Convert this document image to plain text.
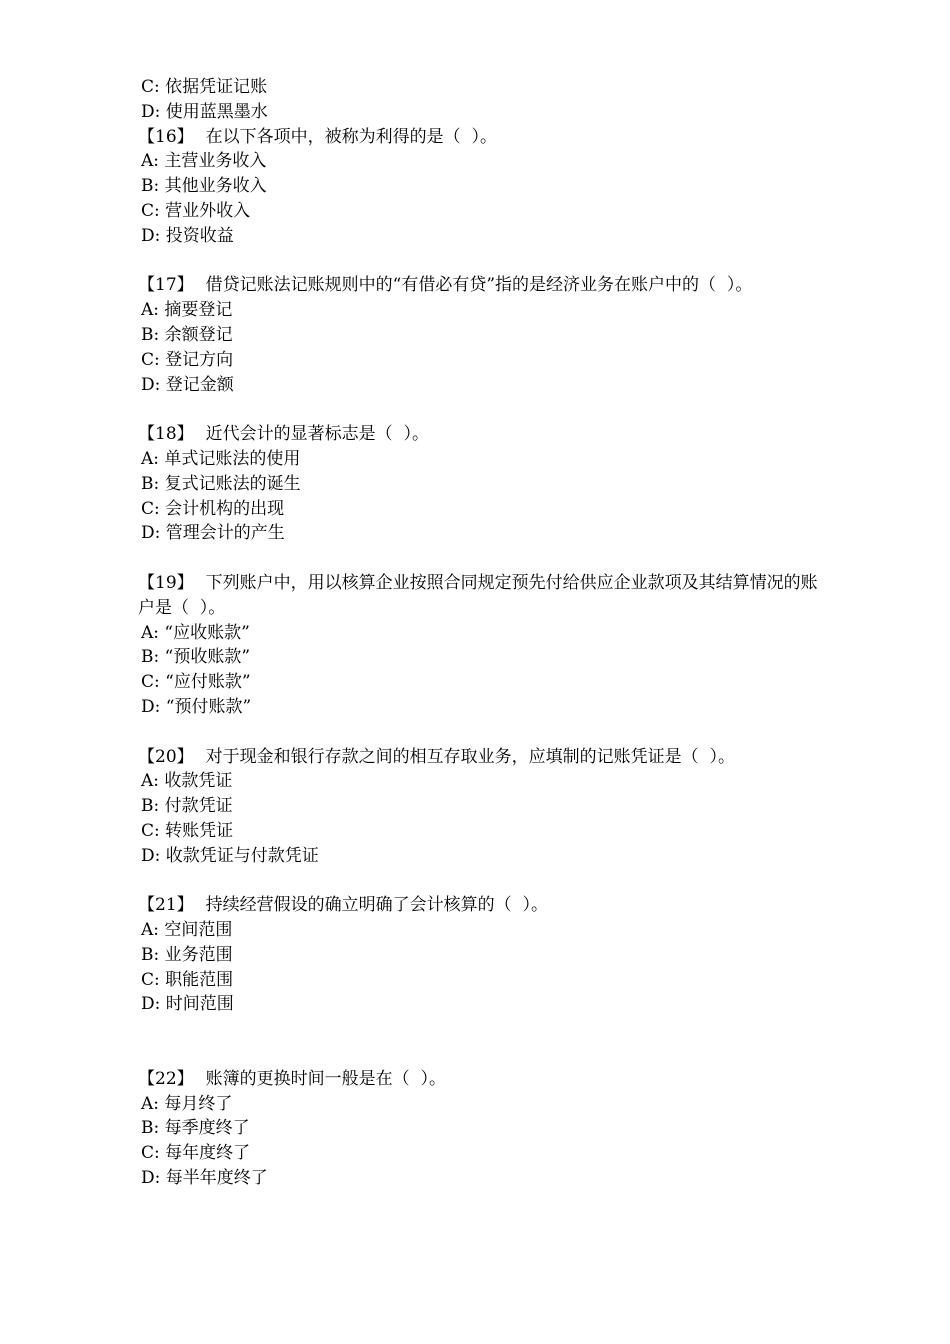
C: 依据凭证记账
D: 使用蓝黑墨水
【16】 在以下各项中，被称为利得的是（  ）。
A: 主营业务收入
B: 其他业务收入
C: 营业外收入
D: 投资收益
【17】 借贷记账法记账规则中的“有借必有贷”指的是经济业务在账户中的（  ）。
A: 摘要登记
B: 余额登记
C: 登记方向
D: 登记金额
【18】 近代会计的显著标志是（  ）。
A: 单式记账法的使用
B: 复式记账法的诞生
C: 会计机构的出现
D: 管理会计的产生
【19】 下列账户中，用以核算企业按照合同规定预先付给供应企业款项及其结算情况的账户是（  ）。
A: “应收账款”
B: “预收账款”
C: “应付账款”
D: “预付账款”
【20】 对于现金和银行存款之间的相互存取业务，应填制的记账凭证是（  ）。
A: 收款凭证
B: 付款凭证
C: 转账凭证
D: 收款凭证与付款凭证
【21】 持续经营假设的确立明确了会计核算的（  ）。
A: 空间范围
B: 业务范围
C: 职能范围
D: 时间范围
【22】 账簿的更换时间一般是在（  ）。
A: 每月终了
B: 每季度终了
C: 每年度终了
D: 每半年度终了
